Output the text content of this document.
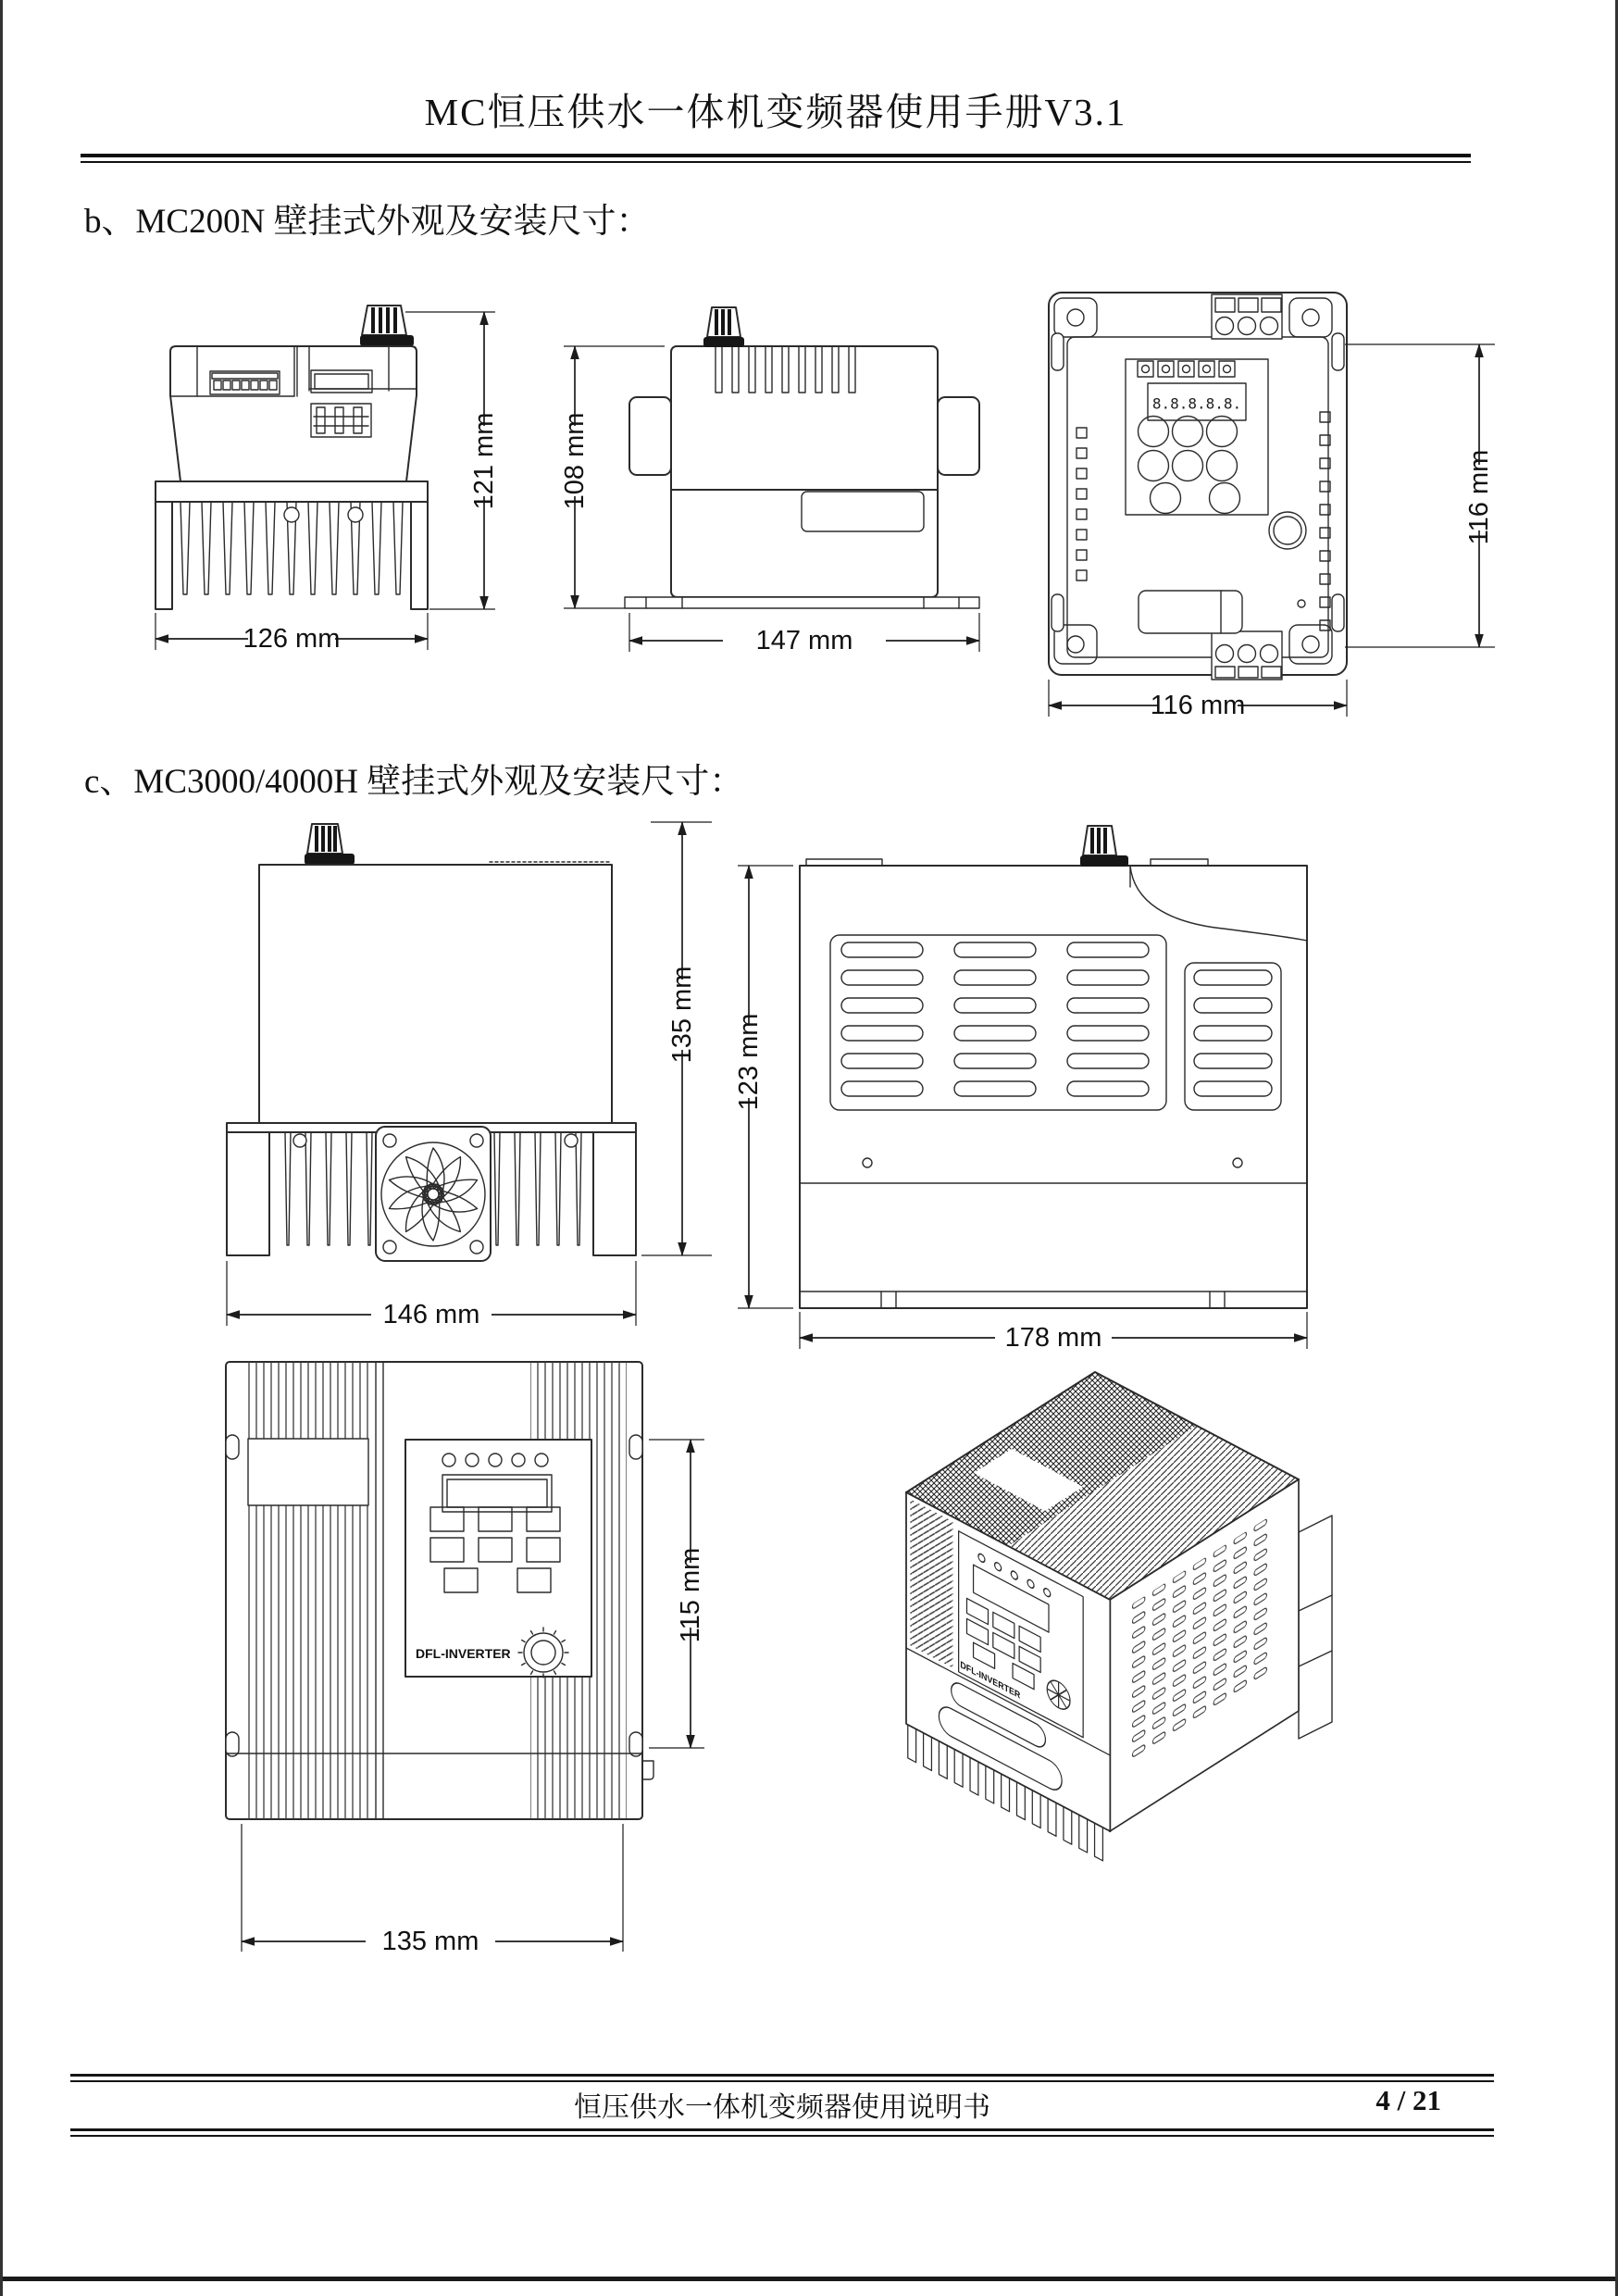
MC恒压供水一体机变频器使用手册V3.1
b、MC200N 壁挂式外观及安装尺寸：
c、MC3000/4000H 壁挂式外观及安装尺寸：
121 mm
126 mm
108 mm
147 mm
8.8.8.8.8.
116 mm
116 mm
135 mm
146 mm
123 mm
178 mm
DFL-INVERTER
115 mm
135 mm
DFL-INVERTER
恒压供水一体机变频器使用说明书	4 / 21
